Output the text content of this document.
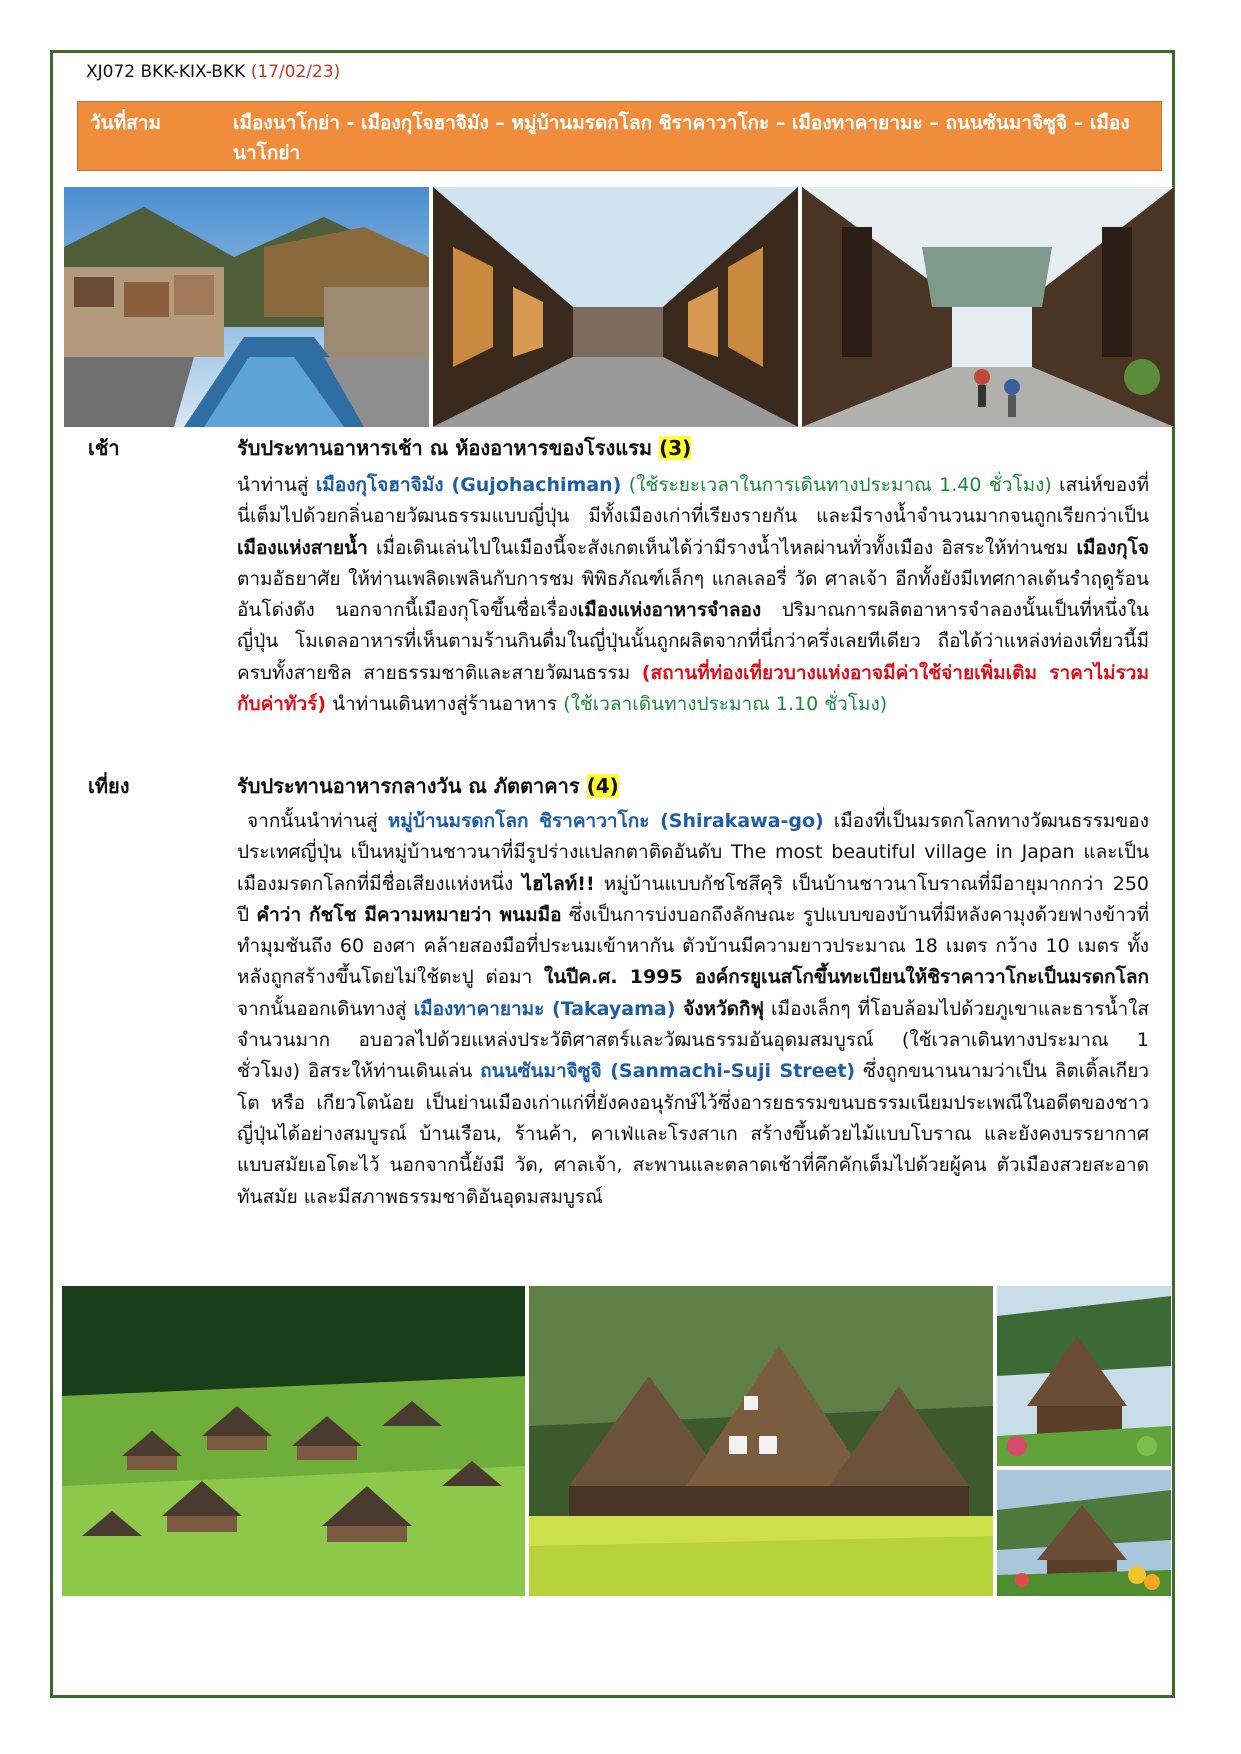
XJ072 BKK-KIX-BKK (17/02/23)
วันที่สาม	เมืองนาโกย่า - เมืองกุโจฮาจิมัง – หมู่บ้านมรดกโลก ชิราคาวาโกะ – เมืองทาคายามะ – ถนนซันมาจิซูจิ – เมืองนาโกย่า
เช้า	รับประทานอาหารเช้า ณ ห้องอาหารของโรงแรม (3)
นำท่านสู่ เมืองกุโจฮาจิมัง (Gujohachiman) (ใช้ระยะเวลาในการเดินทางประมาณ 1.40 ชั่วโมง) เสน่ห์ของที่นี่เต็มไปด้วยกลิ่นอายวัฒนธรรมแบบญี่ปุ่น มีทั้งเมืองเก่าที่เรียงรายกัน และมีรางน้ำจำนวนมากจนถูกเรียกว่าเป็นเมืองแห่งสายน้ำ เมื่อเดินเล่นไปในเมืองนี้จะสังเกตเห็นได้ว่ามีรางน้ำไหลผ่านทั่วทั้งเมือง อิสระให้ท่านชม เมืองกุโจ ตามอัธยาศัย ให้ท่านเพลิดเพลินกับการชม พิพิธภัณฑ์เล็กๆ แกลเลอรี่ วัด ศาลเจ้า อีกทั้งยังมีเทศกาลเต้นรำฤดูร้อนอันโด่งดัง นอกจากนี้เมืองกุโจขึ้นชื่อเรื่องเมืองแห่งอาหารจำลอง ปริมาณการผลิตอาหารจำลองนั้นเป็นที่หนึ่งในญี่ปุ่น โมเดลอาหารที่เห็นตามร้านกินดื่มในญี่ปุ่นนั้นถูกผลิตจากที่นี่กว่าครึ่งเลยทีเดียว ถือได้ว่าแหล่งท่องเที่ยวนี้มีครบทั้งสายชิล สายธรรมชาติและสายวัฒนธรรม (สถานที่ท่องเที่ยวบางแห่งอาจมีค่าใช้จ่ายเพิ่มเติม ราคาไม่รวมกับค่าทัวร์) นำท่านเดินทางสู่ร้านอาหาร (ใช้เวลาเดินทางประมาณ 1.10 ชั่วโมง)
เที่ยง	รับประทานอาหารกลางวัน ณ ภัตตาคาร (4)
จากนั้นนำท่านสู่ หมู่บ้านมรดกโลก ชิราคาวาโกะ (Shirakawa-go) เมืองที่เป็นมรดกโลกทางวัฒนธรรมของประเทศญี่ปุ่น เป็นหมู่บ้านชาวนาที่มีรูปร่างแปลกตาติดอันดับ The most beautiful village in Japan และเป็นเมืองมรดกโลกที่มีชื่อเสียงแห่งหนึ่ง ไฮไลท์!! หมู่บ้านแบบกัชโชสึคุริ เป็นบ้านชาวนาโบราณที่มีอายุมากกว่า 250 ปี คำว่า กัชโช มีความหมายว่า พนมมือ ซึ่งเป็นการบ่งบอกถึงลักษณะ รูปแบบของบ้านที่มีหลังคามุงด้วยฟางข้าวที่ทำมุมชันถึง 60 องศา คล้ายสองมือที่ประนมเข้าหากัน ตัวบ้านมีความยาวประมาณ 18 เมตร กว้าง 10 เมตร ทั้งหลังถูกสร้างขึ้นโดยไม่ใช้ตะปู ต่อมา ในปีค.ศ. 1995 องค์กรยูเนสโกขึ้นทะเบียนให้ชิราคาวาโกะเป็นมรดกโลก จากนั้นออกเดินทางสู่ เมืองทาคายามะ (Takayama) จังหวัดกิฟุ เมืองเล็กๆ ที่โอบล้อมไปด้วยภูเขาและธารน้ำใสจำนวนมาก อบอวลไปด้วยแหล่งประวัติศาสตร์และวัฒนธรรมอันอุดมสมบูรณ์ (ใช้เวลาเดินทางประมาณ 1 ชั่วโมง) อิสระให้ท่านเดินเล่น ถนนซันมาจิซูจิ (Sanmachi-Suji Street) ซึ่งถูกขนานนามว่าเป็น ลิตเติ้ลเกียวโต หรือ เกียวโตน้อย เป็นย่านเมืองเก่าแก่ที่ยังคงอนุรักษ์ไว้ซึ่งอารยธรรมขนบธรรมเนียมประเพณีในอดีตของชาวญี่ปุ่นได้อย่างสมบูรณ์ บ้านเรือน, ร้านค้า, คาเฟ่และโรงสาเก สร้างขึ้นด้วยไม้แบบโบราณ และยังคงบรรยากาศแบบสมัยเอโดะไว้ นอกจากนี้ยังมี วัด, ศาลเจ้า, สะพานและตลาดเช้าที่คึกคักเต็มไปด้วยผู้คน ตัวเมืองสวยสะอาด ทันสมัย และมีสภาพธรรมชาติอันอุดมสมบูรณ์
